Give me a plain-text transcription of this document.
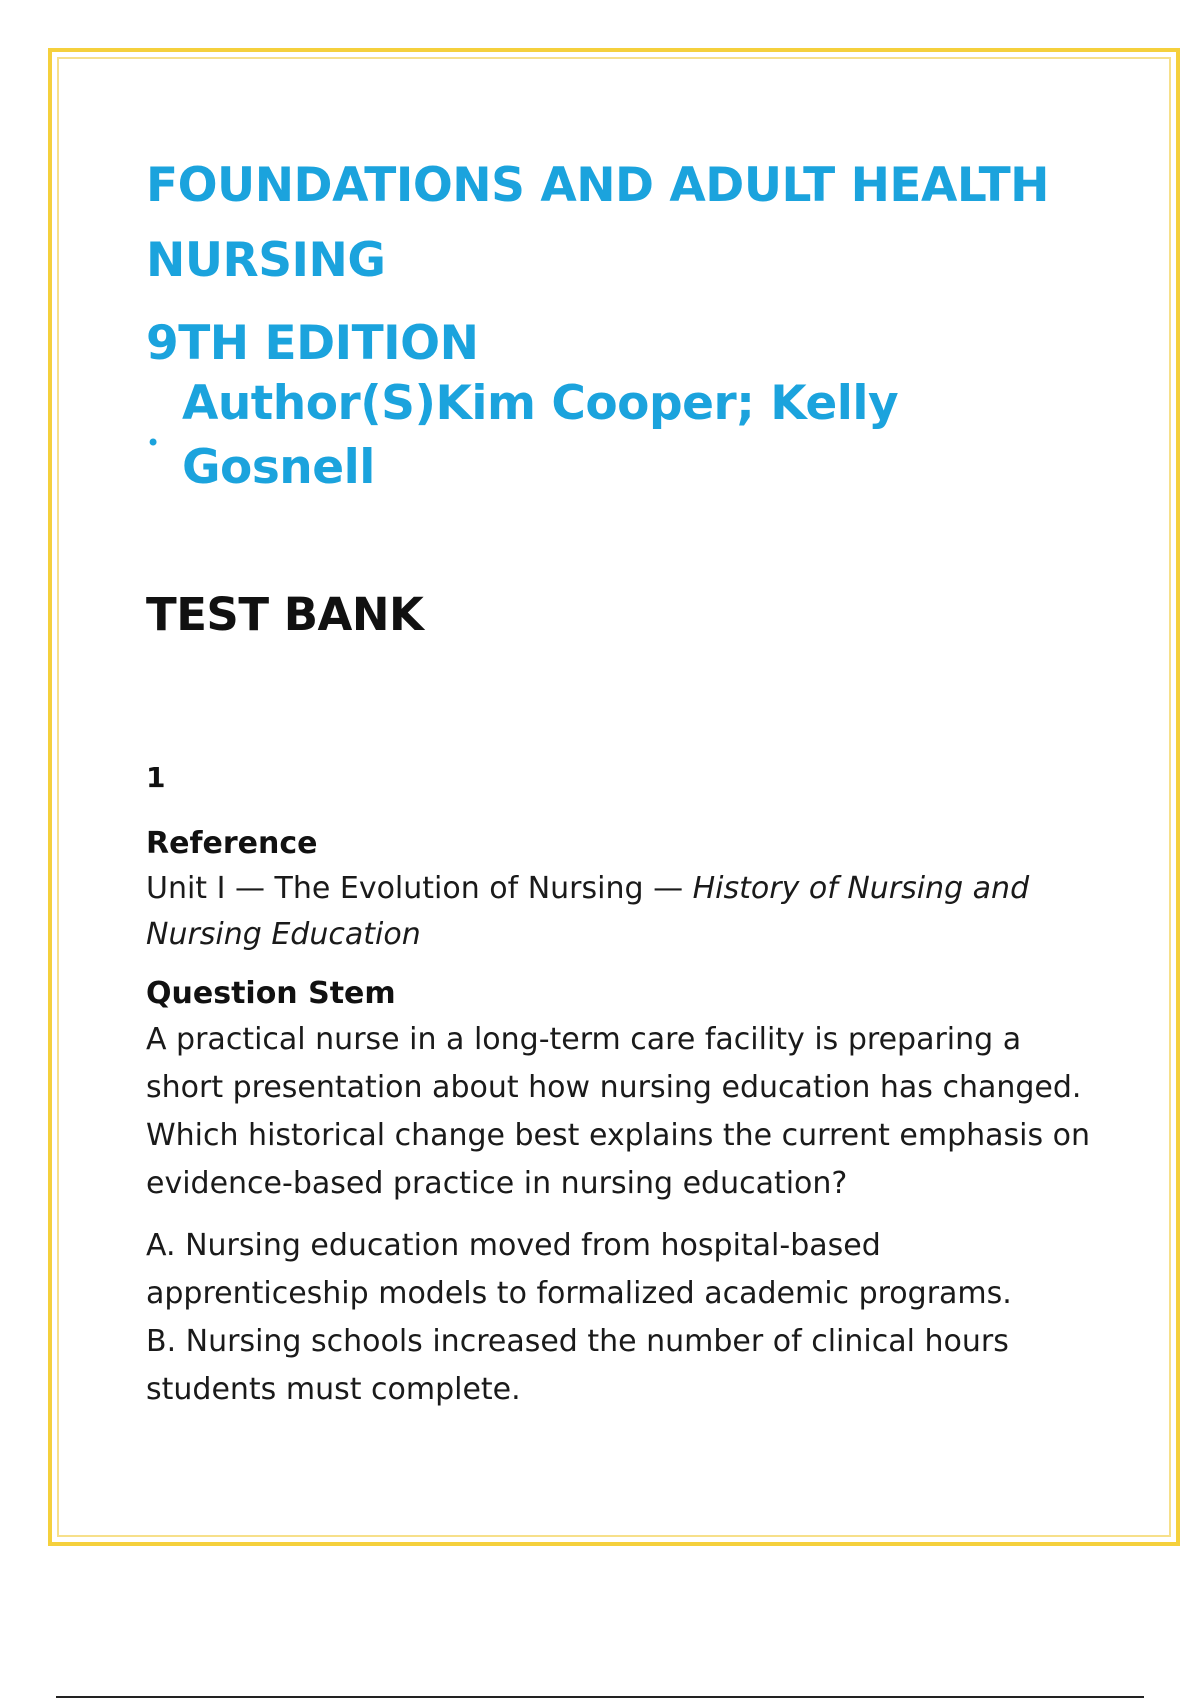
FOUNDATIONS AND ADULT HEALTH NURSING
9TH EDITION
•
Author(S)Kim Cooper; Kelly Gosnell
TEST BANK
1
Reference
Unit I — The Evolution of Nursing — History of Nursing and Nursing Education
Question Stem
A practical nurse in a long-term care facility is preparing a short presentation about how nursing education has changed. Which historical change best explains the current emphasis on evidence-based practice in nursing education?

A. Nursing education moved from hospital-based apprenticeship models to formalized academic programs.

B. Nursing schools increased the number of clinical hours students must complete.
